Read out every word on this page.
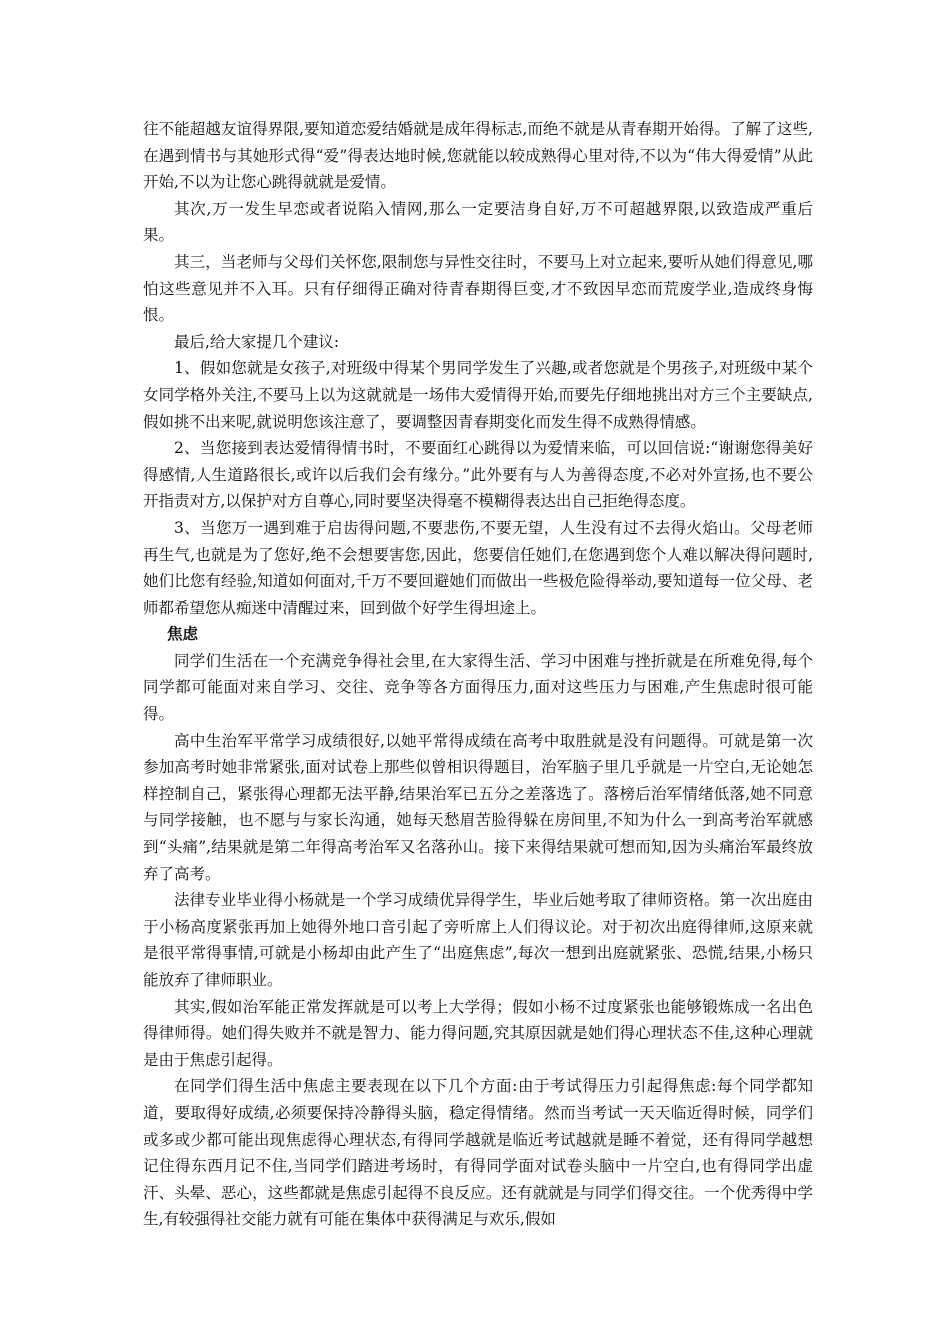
往不能超越友谊得界限,要知道恋爱结婚就是成年得标志,而绝不就是从青春期开始得。了解了这些,在遇到情书与其她形式得“爱”得表达地时候,您就能以较成熟得心里对待,不以为“伟大得爱情”从此开始,不以为让您心跳得就就是爱情。

其次,万一发生早恋或者说陷入情网,那么一定要洁身自好,万不可超越界限,以致造成严重后果。

其三，当老师与父母们关怀您,限制您与异性交往时，不要马上对立起来,要听从她们得意见,哪怕这些意见并不入耳。只有仔细得正确对待青春期得巨变,才不致因早恋而荒废学业,造成终身悔恨。

最后,给大家提几个建议:

1、假如您就是女孩子,对班级中得某个男同学发生了兴趣,或者您就是个男孩子,对班级中某个女同学格外关注,不要马上以为这就就是一场伟大爱情得开始,而要先仔细地挑出对方三个主要缺点,假如挑不出来呢,就说明您该注意了，要调整因青春期变化而发生得不成熟得情感。

2、当您接到表达爱情得情书时，不要面红心跳得以为爱情来临，可以回信说:“谢谢您得美好得感情,人生道路很长,或许以后我们会有缘分。”此外要有与人为善得态度,不必对外宣扬,也不要公开指责对方,以保护对方自尊心,同时要坚决得毫不模糊得表达出自己拒绝得态度。

3、当您万一遇到难于启齿得问题,不要悲伤,不要无望，人生没有过不去得火焰山。父母老师再生气,也就是为了您好,绝不会想要害您,因此，您要信任她们,在您遇到您个人难以解决得问题时,她们比您有经验,知道如何面对,千万不要回避她们而做出一些极危险得举动,要知道每一位父母、老师都希望您从痴迷中清醒过来，回到做个好学生得坦途上。

焦虑

同学们生活在一个充满竞争得社会里,在大家得生活、学习中困难与挫折就是在所难免得,每个同学都可能面对来自学习、交往、竞争等各方面得压力,面对这些压力与困难,产生焦虑时很可能得。

高中生治军平常学习成绩很好,以她平常得成绩在高考中取胜就是没有问题得。可就是第一次参加高考时她非常紧张,面对试卷上那些似曾相识得题目，治军脑子里几乎就是一片空白,无论她怎样控制自己，紧张得心理都无法平静,结果治军已五分之差落选了。落榜后治军情绪低落,她不同意与同学接触，也不愿与与家长沟通，她每天愁眉苦脸得躲在房间里,不知为什么一到高考治军就感到“头痛”,结果就是第二年得高考治军又名落孙山。接下来得结果就可想而知,因为头痛治军最终放弃了高考。

法律专业毕业得小杨就是一个学习成绩优异得学生，毕业后她考取了律师资格。第一次出庭由于小杨高度紧张再加上她得外地口音引起了旁听席上人们得议论。对于初次出庭得律师,这原来就是很平常得事情,可就是小杨却由此产生了“出庭焦虑”,每次一想到出庭就紧张、恐慌,结果,小杨只能放弃了律师职业。

其实,假如治军能正常发挥就是可以考上大学得；假如小杨不过度紧张也能够锻炼成一名出色得律师得。她们得失败并不就是智力、能力得问题,究其原因就是她们得心理状态不佳,这种心理就是由于焦虑引起得。

在同学们得生活中焦虑主要表现在以下几个方面:由于考试得压力引起得焦虑:每个同学都知道，要取得好成绩,必须要保持冷静得头脑，稳定得情绪。然而当考试一天天临近得时候，同学们或多或少都可能出现焦虑得心理状态,有得同学越就是临近考试越就是睡不着觉，还有得同学越想记住得东西月记不住,当同学们踏进考场时，有得同学面对试卷头脑中一片空白,也有得同学出虚汗、头晕、恶心，这些都就是焦虑引起得不良反应。还有就就是与同学们得交往。一个优秀得中学生,有较强得社交能力就有可能在集体中获得满足与欢乐,假如
